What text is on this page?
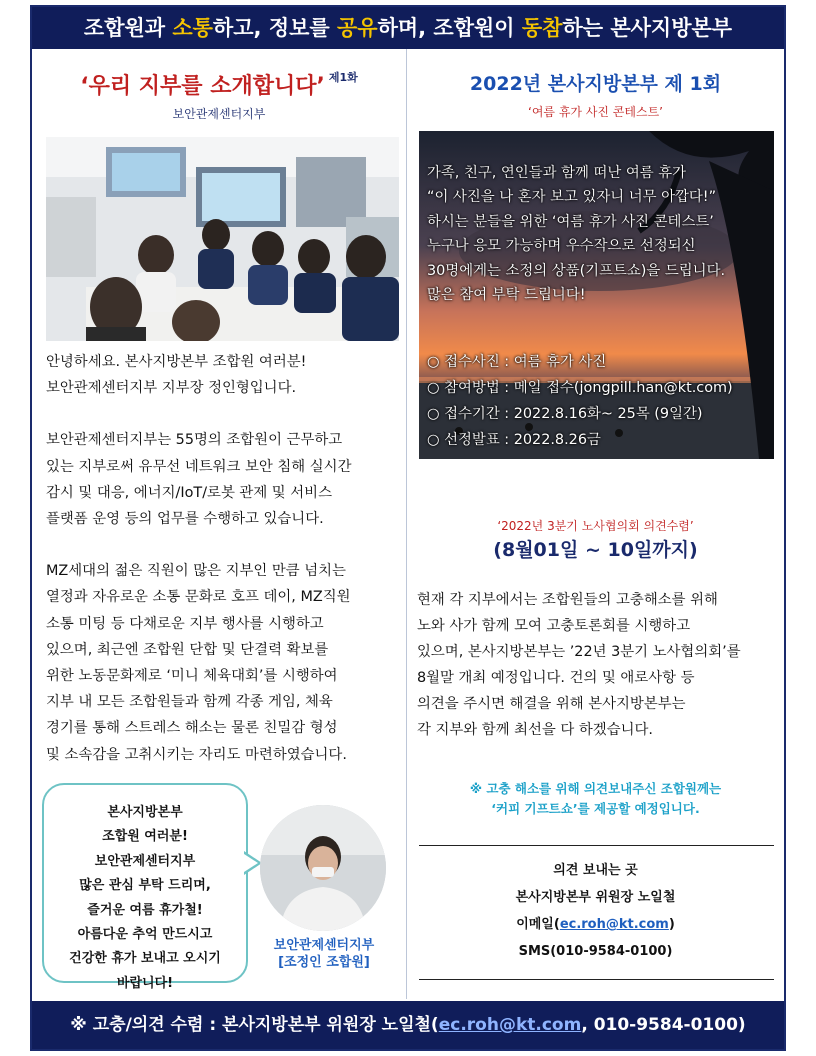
조합원과 소통하고, 정보를 공유하며, 조합원이 동참하는 본사지방본부
‘우리 지부를 소개합니다’ $^{제1화}$
보안관제센터지부

안녕하세요. 본사지방본부 조합원 여러분!

보안관제센터지부 지부장 정인형입니다.

보안관제센터지부는 55명의 조합원이 근무하고

있는 지부로써 유무선 네트워크 보안 침해 실시간

감시 및 대응, 에너지/IoT/로봇 관제 및 서비스

플랫폼 운영 등의 업무를 수행하고 있습니다.

MZ세대의 젊은 직원이 많은 지부인 만큼 넘치는

열정과 자유로운 소통 문화로 호프 데이, MZ직원

소통 미팅 등 다채로운 지부 행사를 시행하고

있으며, 최근엔 조합원 단합 및 단결력 확보를

위한 노동문화제로 ‘미니 체육대회’를 시행하여

지부 내 모든 조합원들과 함께 각종 게임, 체육

경기를 통해 스트레스 해소는 물론 친밀감 형성

및 소속감을 고취시키는 자리도 마련하였습니다.

본사지방본부
조합원 여러분!
보안관제센터지부
많은 관심 부탁 드리며,
즐거운 여름 휴가철!
아름다운 추억 만드시고
건강한 휴가 보내고 오시기
바랍니다!
보안관제센터지부
[조정인 조합원]
2022년 본사지방본부 제 1회
‘여름 휴가 사진 콘테스트’
가족, 친구, 연인들과 함께 떠난 여름 휴가
“이 사진을 나 혼자 보고 있자니 너무 아깝다!”
하시는 분들을 위한 ‘여름 휴가 사진 콘테스트’
누구나 응모 가능하며 우수작으로 선정되신
30명에게는 소정의 상품(기프트쇼)을 드립니다.
많은 참여 부탁 드립니다!
○ 접수사진 : 여름 휴가 사진
○ 참여방법 : 메일 접수(jongpill.han@kt.com)
○ 접수기간 : 2022.8.16화~ 25목 (9일간)
○ 선정발표 : 2022.8.26금
‘2022년 3분기 노사협의회 의견수렴’
(8월01일 ~ 10일까지)
현재 각 지부에서는 조합원들의 고충해소를 위해
노와 사가 함께 모여 고충토론회를 시행하고
있으며, 본사지방본부는 ’22년 3분기 노사협의회’를
8월말 개최 예정입니다. 건의 및 애로사항 등
의견을 주시면 해결을 위해 본사지방본부는
각 지부와 함께 최선을 다 하겠습니다.
※ 고충 해소를 위해 의견보내주신 조합원께는
‘커피 기프트쇼’를 제공할 예정입니다.
의견 보내는 곳
본사지방본부 위원장 노일철
이메일(ec.roh@kt.com)
SMS(010-9584-0100)
※ 고충/의견 수렴 : 본사지방본부 위원장 노일철(ec.roh@kt.com, 010-9584-0100)
